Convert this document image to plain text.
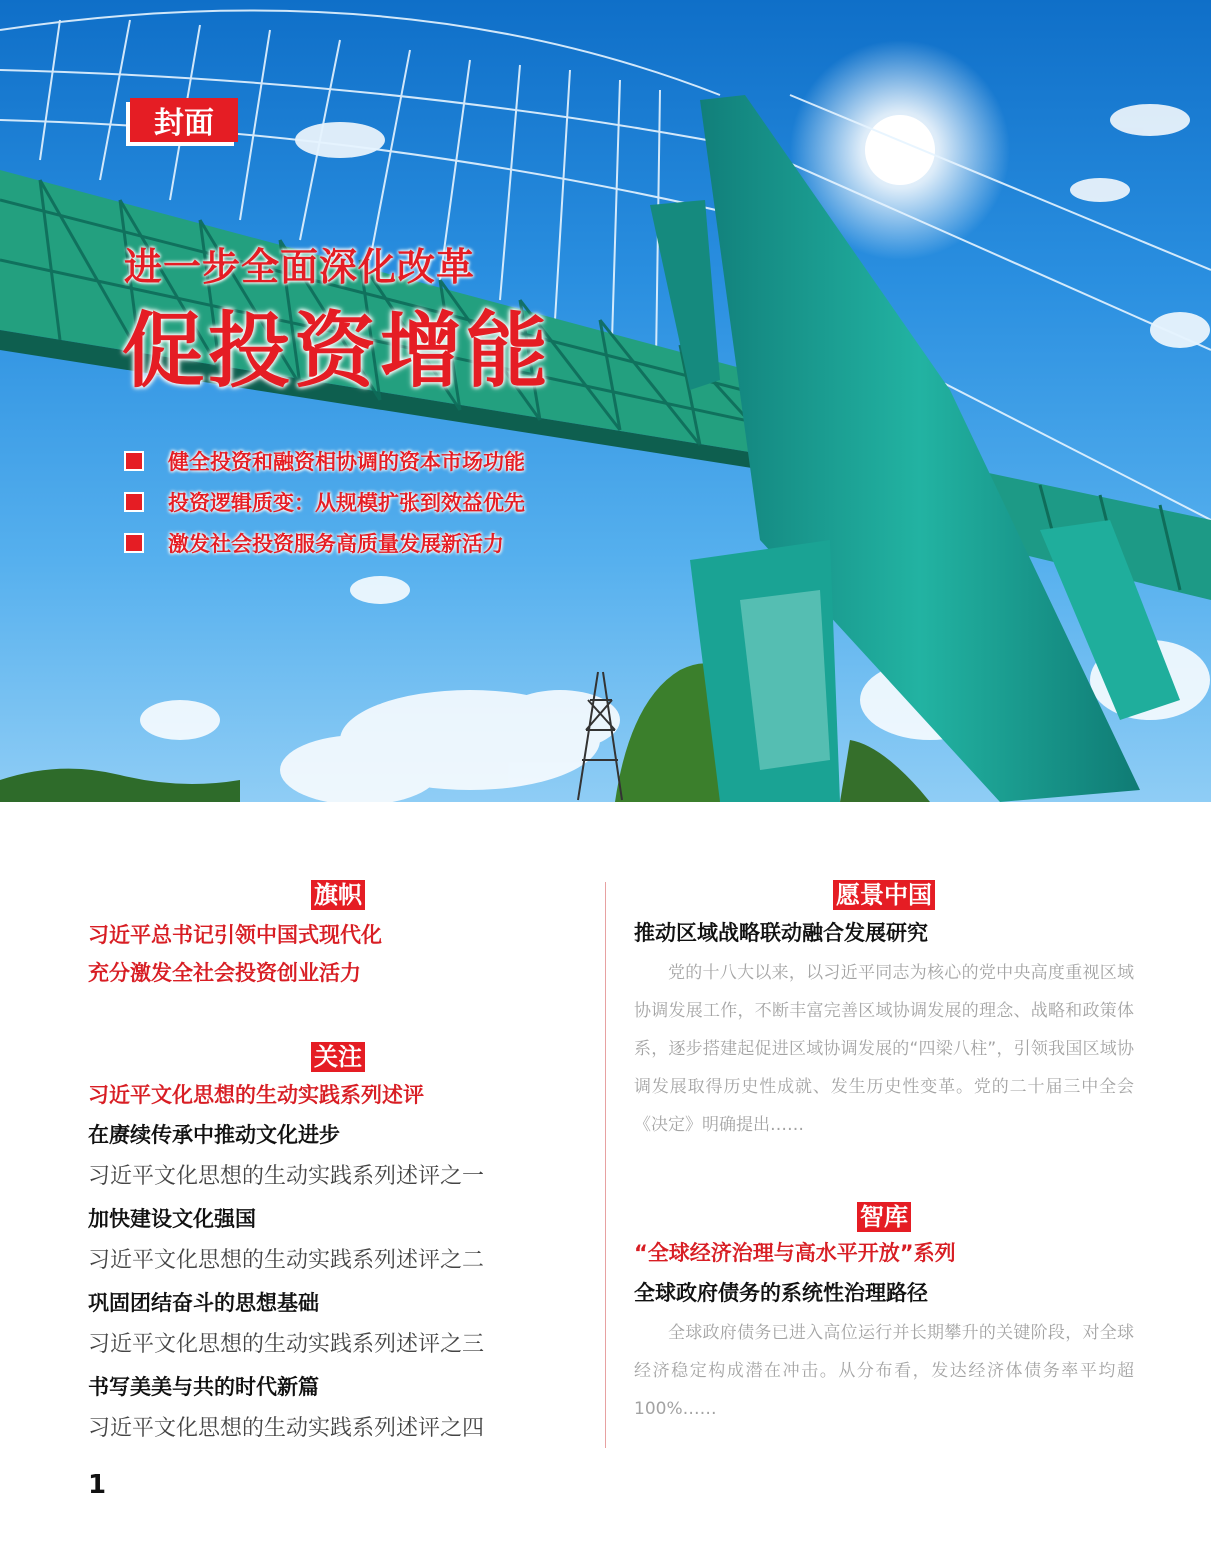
封面
进一步全面深化改革
促投资增能
健全投资和融资相协调的资本市场功能
投资逻辑质变：从规模扩张到效益优先
激发社会投资服务高质量发展新活力
旗帜
习近平总书记引领中国式现代化
充分激发全社会投资创业活力
关注
习近平文化思想的生动实践系列述评
在赓续传承中推动文化进步
习近平文化思想的生动实践系列述评之一
加快建设文化强国
习近平文化思想的生动实践系列述评之二
巩固团结奋斗的思想基础
习近平文化思想的生动实践系列述评之三
书写美美与共的时代新篇
习近平文化思想的生动实践系列述评之四
愿景中国
推动区域战略联动融合发展研究

党的十八大以来，以习近平同志为核心的党中央高度重视区域协调发展工作，不断丰富完善区域协调发展的理念、战略和政策体系，逐步搭建起促进区域协调发展的“四梁八柱”，引领我国区域协调发展取得历史性成就、发生历史性变革。党的二十届三中全会《决定》明确提出……

智库
“全球经济治理与高水平开放”系列
全球政府债务的系统性治理路径

全球政府债务已进入高位运行并长期攀升的关键阶段，对全球经济稳定构成潜在冲击。从分布看，发达经济体债务率平均超 100%……

1
